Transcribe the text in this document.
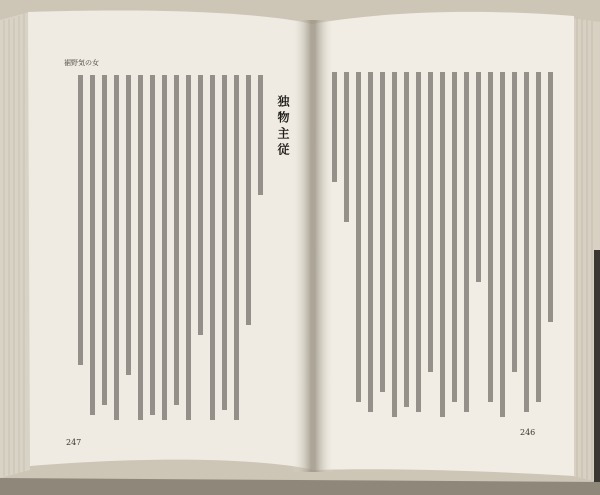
裾野気の女
独物主従
247
246
